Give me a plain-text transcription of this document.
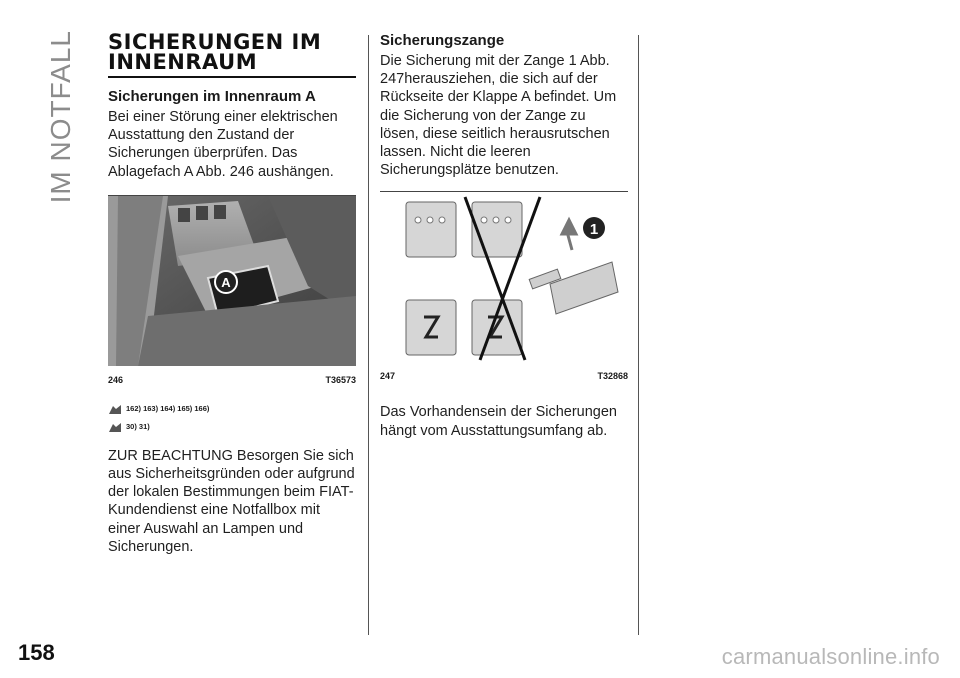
IM NOTFALL
158
SICHERUNGEN IM INNENRAUM
Sicherungen im Innenraum A

Bei einer Störung einer elektrischen Ausstattung den Zustand der Sicherungen überprüfen. Das Ablagefach A Abb. 246 aushängen.

A
246	T36573
162) 163) 164) 165) 166)
30) 31)

ZUR BEACHTUNG Besorgen Sie sich aus Sicherheitsgründen oder aufgrund der lokalen Bestimmungen beim FIAT-Kundendienst eine Notfallbox mit einer Auswahl an Lampen und Sicherungen.

Sicherungszange

Die Sicherung mit der Zange 1 Abb. 247herausziehen, die sich auf der Rückseite der Klappe A befindet. Um die Sicherung von der Zange zu lösen, diese seitlich herausrutschen lassen. Nicht die leeren Sicherungsplätze benutzen.

1
247	T32868

Das Vorhandensein der Sicherungen hängt vom Ausstattungsumfang ab.

carmanualsonline.info
